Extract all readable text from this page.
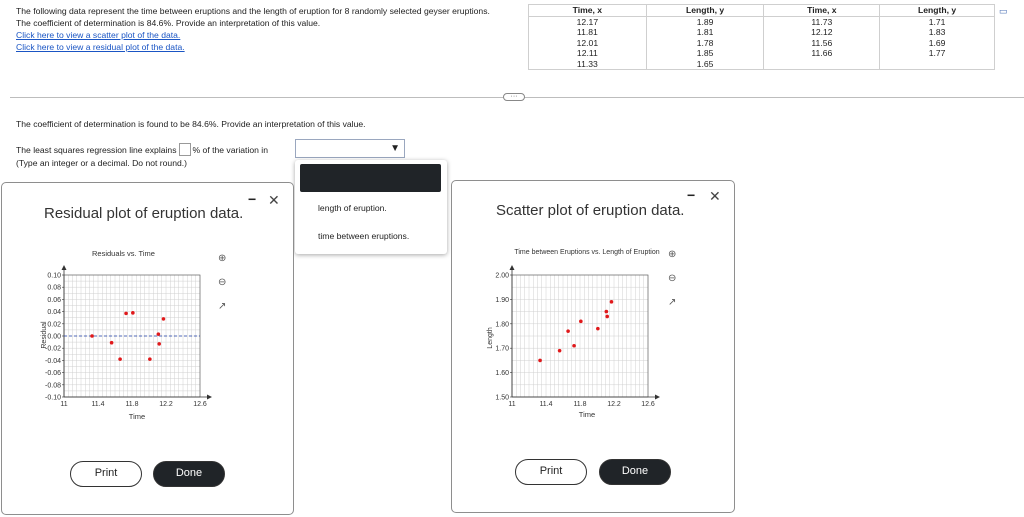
The following data represent the time between eruptions and the length of eruption for 8 randomly selected geyser eruptions. The coefficient of determination is 84.6%. Provide an interpretation of this value.
Click here to view a scatter plot of the data.
Click here to view a residual plot of the data.
Time, x	Length, y	Time, x	Length, y
12.17	1.89	11.73	1.71
11.81	1.81	12.12	1.83
12.01	1.78	11.56	1.69
12.11	1.85	11.66	1.77
11.33	1.65		
▭
···
The coefficient of determination is found to be 84.6%. Provide an interpretation of this value.
The least squares regression line explains % of the variation in	▼
(Type an integer or a decimal. Do not round.)
length of eruption.
time between eruptions.
Residual plot of eruption data.
− ✕
Residuals vs. Time
0.10
0.08
0.06
0.04
0.02
0.00
-0.02
-0.04
-0.06
-0.08
-0.10
11	11.4	11.8	12.2	12.6
Time
Residual
⊕
⊖
↗
Print	Done
Scatter plot of eruption data.
− ✕
Time between Eruptions vs. Length of Eruption
2.00
1.90
1.80
1.70
1.60
1.50
11	11.4	11.8	12.2	12.6
Time
Length
⊕
⊖
↗
Print	Done
